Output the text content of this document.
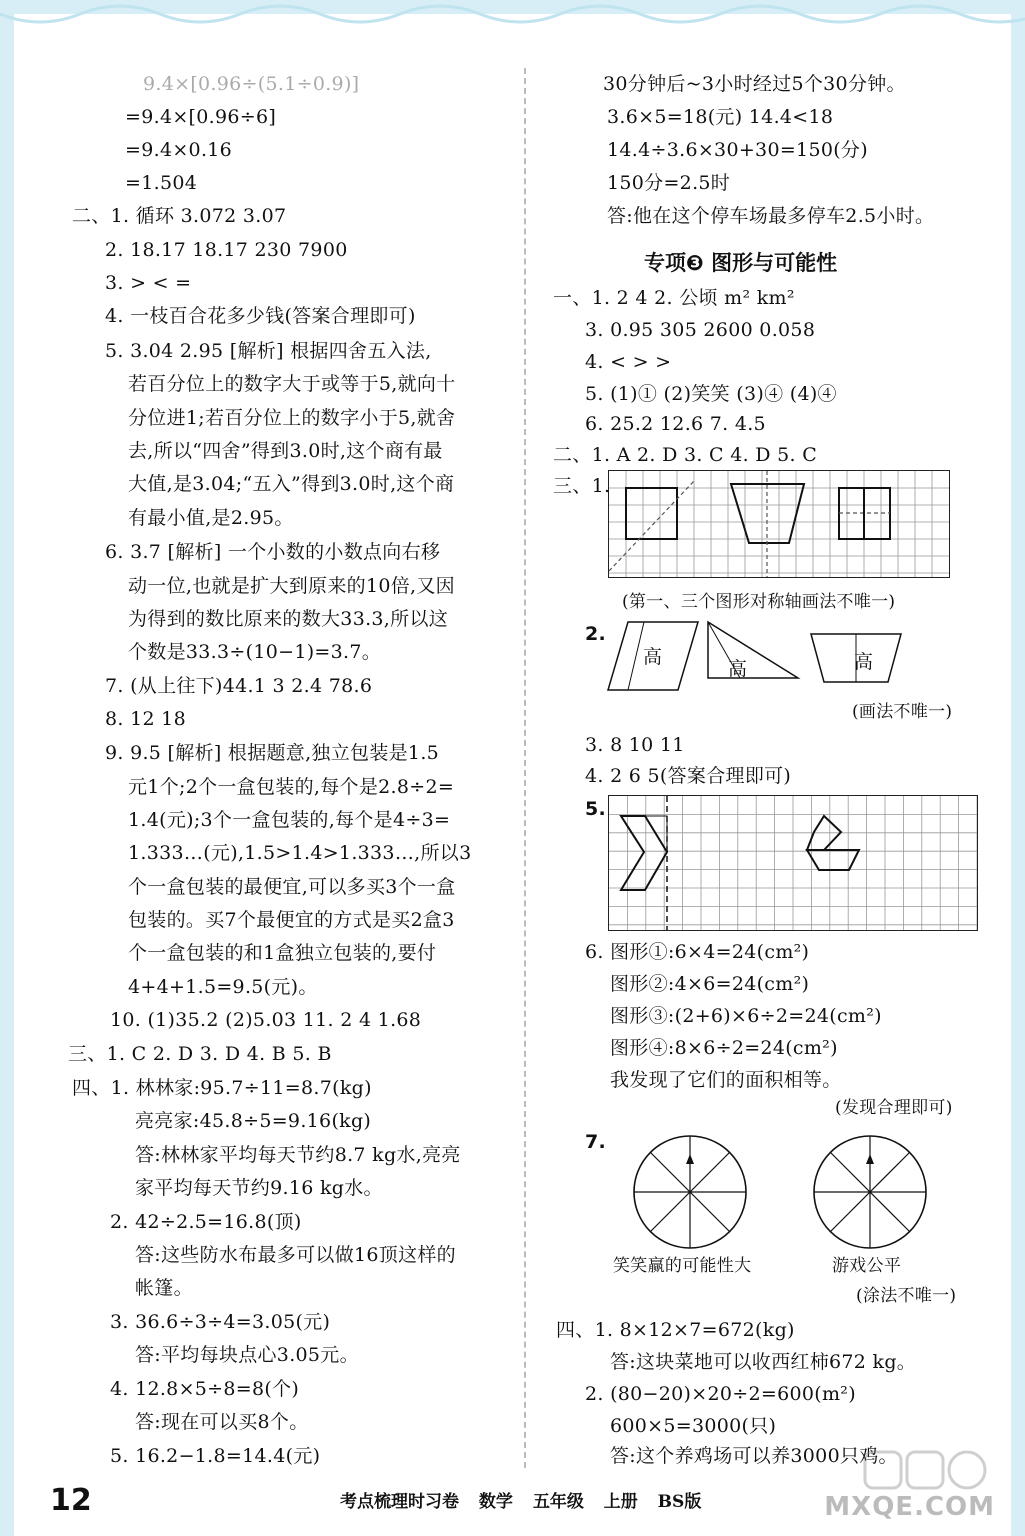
9.4×[0.96÷(5.1÷0.9)]
=9.4×[0.96÷6]
=9.4×0.16
=1.504
二、1. 循环 3.072 3.07
2. 18.17 18.17 230 7900
3. > < =
4. 一枝百合花多少钱(答案合理即可)
5. 3.04 2.95 [解析] 根据四舍五入法,
若百分位上的数字大于或等于5,就向十
分位进1;若百分位上的数字小于5,就舍
去,所以“四舍”得到3.0时,这个商有最
大值,是3.04;“五入”得到3.0时,这个商
有最小值,是2.95。
6. 3.7 [解析] 一个小数的小数点向右移
动一位,也就是扩大到原来的10倍,又因
为得到的数比原来的数大33.3,所以这
个数是33.3÷(10−1)=3.7。
7. (从上往下)44.1 3 2.4 78.6
8. 12 18
9. 9.5 [解析] 根据题意,独立包装是1.5
元1个;2个一盒包装的,每个是2.8÷2=
1.4(元);3个一盒包装的,每个是4÷3=
1.333…(元),1.5>1.4>1.333…,所以3
个一盒包装的最便宜,可以多买3个一盒
包装的。买7个最便宜的方式是买2盒3
个一盒包装的和1盒独立包装的,要付
4+4+1.5=9.5(元)。
10. (1)35.2 (2)5.03 11. 2 4 1.68
三、1. C 2. D 3. D 4. B 5. B
四、1. 林林家:95.7÷11=8.7(kg)
亮亮家:45.8÷5=9.16(kg)
答:林林家平均每天节约8.7 kg水,亮亮
家平均每天节约9.16 kg水。
2. 42÷2.5=16.8(顶)
答:这些防水布最多可以做16顶这样的
帐篷。
3. 36.6÷3÷4=3.05(元)
答:平均每块点心3.05元。
4. 12.8×5÷8=8(个)
答:现在可以买8个。
5. 16.2−1.8=14.4(元)
30分钟后~3小时经过5个30分钟。
3.6×5=18(元) 14.4<18
14.4÷3.6×30+30=150(分)
150分=2.5时
答:他在这个停车场最多停车2.5小时。
专项❸ 图形与可能性
一、1. 2 4 2. 公顷 m² km²
3. 0.95 305 2600 0.058
4. < > >
5. (1)① (2)笑笑 (3)④ (4)④
6. 25.2 12.6 7. 4.5
二、1. A 2. D 3. C 4. D 5. C
三、1.
(第一、三个图形对称轴画法不唯一)
2.
高
高	高
(画法不唯一)
3. 8 10 11
4. 2 6 5(答案合理即可)
5.
6. 图形①:6×4=24(cm²)
图形②:4×6=24(cm²)
图形③:(2+6)×6÷2=24(cm²)
图形④:8×6÷2=24(cm²)
我发现了它们的面积相等。
(发现合理即可)
7.
笑笑赢的可能性大	游戏公平
(涂法不唯一)
四、1. 8×12×7=672(kg)
答:这块菜地可以收西红柿672 kg。
2. (80−20)×20÷2=600(m²)
600×5=3000(只)
答:这个养鸡场可以养3000只鸡。
12	考点梳理时习卷 数学 五年级 上册 BS版	MXQE.COM
